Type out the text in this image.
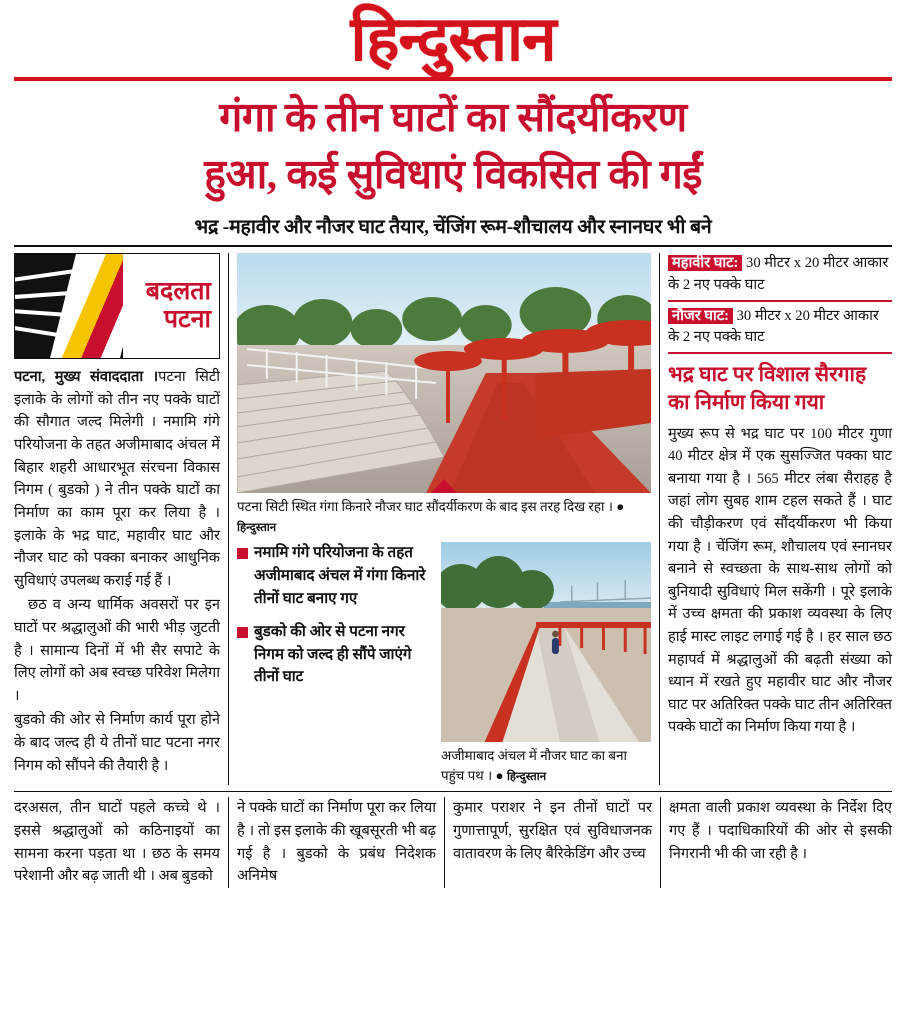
हिन्दुस्तान
गंगा के तीन घाटों का सौंदर्यीकरण
हुआ, कई सुविधाएं विकसित की गईं
भद्र -महावीर और नौजर घाट तैयार, चेंजिंग रूम-शौचालय और स्नानघर भी बने
बदलता
पटना

पटना, मुख्य संवाददाता ।पटना सिटी इलाके के लोगों को तीन नए पक्के घाटों की सौगात जल्द मिलेगी । नमामि गंगे परियोजना के तहत अजीमाबाद अंचल में बिहार शहरी आधारभूत संरचना विकास निगम ( बुडको ) ने तीन पक्के घाटों का निर्माण का काम पूरा कर लिया है । इलाके के भद्र घाट, महावीर घाट और नौजर घाट को पक्का बनाकर आधुनिक सुविधाएं उपलब्ध कराई गई हैं ।

छठ व अन्य धार्मिक अवसरों पर इन घाटों पर श्रद्धालुओं की भारी भीड़ जुटती है । सामान्य दिनों में भी सैर सपाटे के लिए लोगों को अब स्वच्छ परिवेश मिलेगा ।

बुडको की ओर से निर्माण कार्य पूरा होने के बाद जल्द ही ये तीनों घाट पटना नगर निगम को सौंपने की तैयारी है ।

पटना सिटी स्थित गंगा किनारे नौजर घाट सौंदर्यीकरण के बाद इस तरह दिख रहा । ● हिन्दुस्तान
नमामि गंगे परियोजना के तहत अजीमाबाद अंचल में गंगा किनारे तीनों घाट बनाए गए
बुडको की ओर से पटना नगर निगम को जल्द ही सौंपे जाएंगे तीनों घाट
अजीमाबाद अंचल में नौजर घाट का बना पहुंच पथ । ● हिन्दुस्तान
महावीर घाट: 30 मीटर x 20 मीटर आकार के 2 नए पक्के घाट
नौजर घाट: 30 मीटर x 20 मीटर आकार के 2 नए पक्के घाट
भद्र घाट पर विशाल सैरगाह का निर्माण किया गया

मुख्य रूप से भद्र घाट पर 100 मीटर गुणा 40 मीटर क्षेत्र में एक सुसज्जित पक्का घाट बनाया गया है । 565 मीटर लंबा सैराहह है जहां लोग सुबह शाम टहल सकते हैं । घाट की चौड़ीकरण एवं सौंदर्यीकरण भी किया गया है । चेंजिंग रूम, शौचालय एवं स्नानघर बनाने से स्वच्छता के साथ-साथ लोगों को बुनियादी सुविधाएं मिल सकेंगी । पूरे इलाके में उच्च क्षमता की प्रकाश व्यवस्था के लिए हाई मास्ट लाइट लगाई गई है । हर साल छठ महापर्व में श्रद्धालुओं की बढ़ती संख्या को ध्यान में रखते हुए महावीर घाट और नौजर घाट पर अतिरिक्त पक्के घाट तीन अतिरिक्त पक्के घाटों का निर्माण किया गया है ।

दरअसल, तीन घाटों पहले कच्चे थे । इससे श्रद्धालुओं को कठिनाइयों का सामना करना पड़ता था । छठ के समय परेशानी और बढ़ जाती थी । अब बुडको
ने पक्के घाटों का निर्माण पूरा कर लिया है । तो इस इलाके की खूबसूरती भी बढ़ गई है । बुडको के प्रबंध निदेशक अनिमेष
कुमार पराशर ने इन तीनों घाटों पर गुणात्तापूर्ण, सुरक्षित एवं सुविधाजनक वातावरण के लिए बैरिकेडिंग और उच्च
क्षमता वाली प्रकाश व्यवस्था के निर्देश दिए गए हैं । पदाधिकारियों की ओर से इसकी निगरानी भी की जा रही है ।
